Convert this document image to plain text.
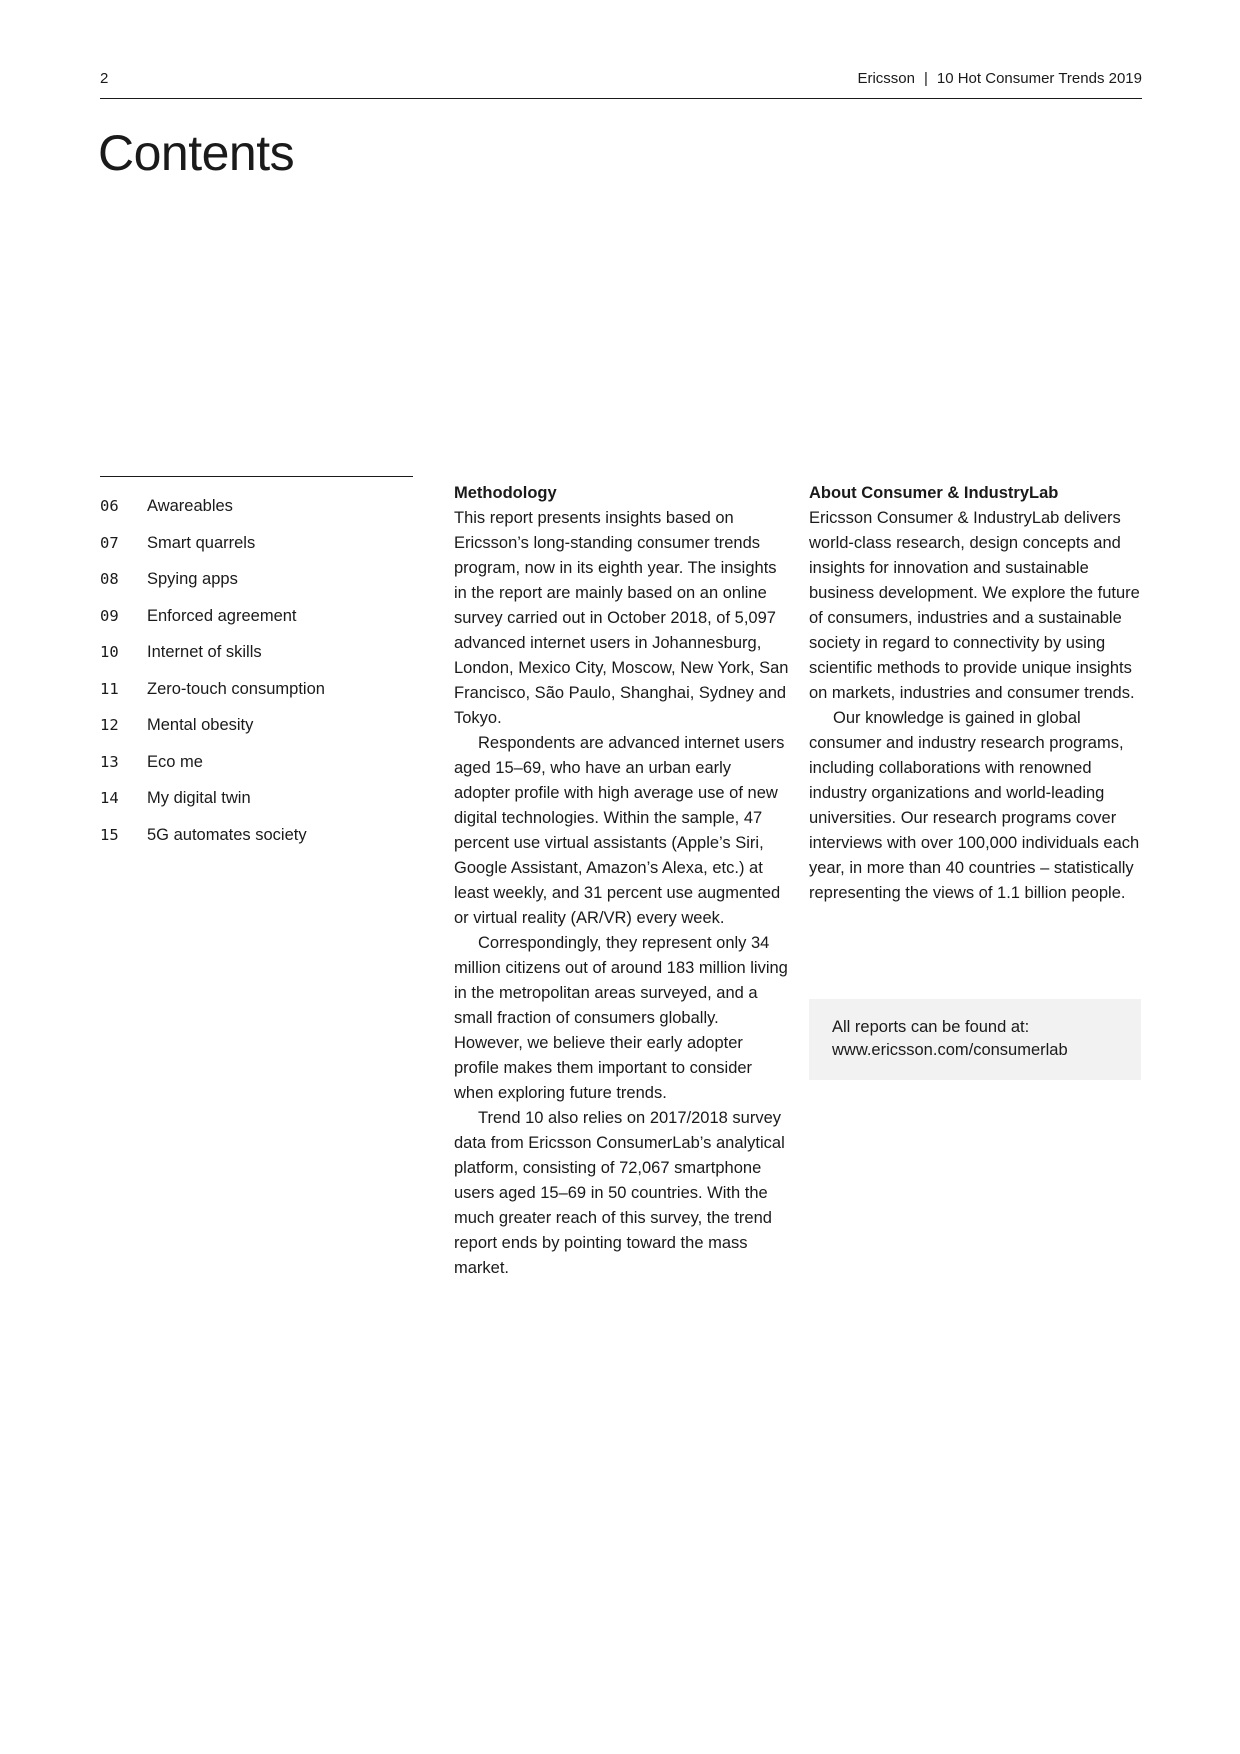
2	Ericsson | 10 Hot Consumer Trends 2019
Contents
06 Awareables
07 Smart quarrels
08 Spying apps
09 Enforced agreement
10 Internet of skills
11 Zero-touch consumption
12 Mental obesity
13 Eco me
14 My digital twin
15 5G automates society
Methodology

This report presents insights based on Ericsson’s long-standing consumer trends program, now in its eighth year. The insights in the report are mainly based on an online survey carried out in October 2018, of 5,097 advanced internet users in Johannesburg, London, Mexico City, Moscow, New York, San Francisco, São Paulo, Shanghai, Sydney and Tokyo.

Respondents are advanced internet users aged 15–69, who have an urban early adopter profile with high average use of new digital technologies. Within the sample, 47 percent use virtual assistants (Apple’s Siri, Google Assistant, Amazon’s Alexa, etc.) at least weekly, and 31 percent use augmented or virtual reality (AR/VR) every week.

Correspondingly, they represent only 34 million citizens out of around 183 million living in the metropolitan areas surveyed, and a small fraction of consumers globally. However, we believe their early adopter profile makes them important to consider when exploring future trends.

Trend 10 also relies on 2017/2018 survey data from Ericsson ConsumerLab’s analytical platform, consisting of 72,067 smartphone users aged 15–69 in 50 countries. With the much greater reach of this survey, the trend report ends by pointing toward the mass market.

About Consumer & IndustryLab

Ericsson Consumer & IndustryLab delivers world-class research, design concepts and insights for innovation and sustainable business development. We explore the future of consumers, industries and a sustainable society in regard to connectivity by using scientific methods to provide unique insights on markets, industries and consumer trends.

Our knowledge is gained in global consumer and industry research programs, including collaborations with renowned industry organizations and world-leading universities. Our research programs cover interviews with over 100,000 individuals each year, in more than 40 countries – statistically representing the views of 1.1 billion people.

All reports can be found at:
www.ericsson.com/consumerlab
